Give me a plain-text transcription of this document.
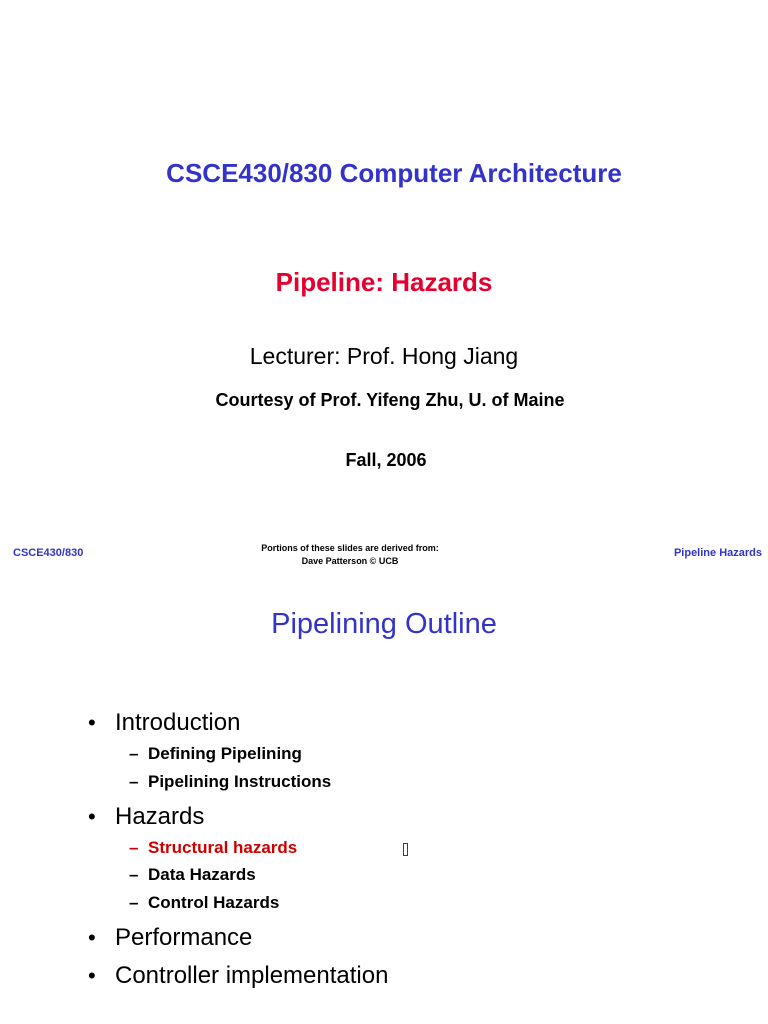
CSCE430/830 Computer Architecture
Pipeline: Hazards
Lecturer: Prof. Hong Jiang
Courtesy of Prof. Yifeng Zhu, U. of Maine
Fall, 2006
CSCE430/830	Portions of these slides are derived from:
Dave Patterson © UCB
Pipeline Hazards
Pipelining Outline
• Introduction
– Defining Pipelining
– Pipelining Instructions
• Hazards
– Structural hazards
– Data Hazards
– Control Hazards
• Performance
• Controller implementation
